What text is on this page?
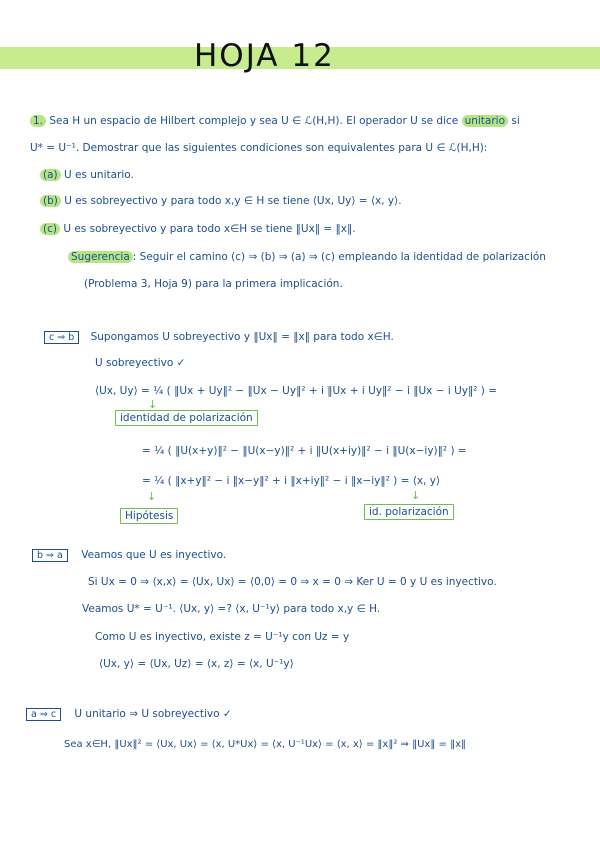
HOJA 12
1. Sea H un espacio de Hilbert complejo y sea U ∈ ℒ(H,H). El operador U se dice unitario si
U* = U⁻¹. Demostrar que las siguientes condiciones son equivalentes para U ∈ ℒ(H,H):
(a) U es unitario.
(b) U es sobreyectivo y para todo x,y ∈ H se tiene ⟨Ux, Uy⟩ = ⟨x, y⟩.
(c) U es sobreyectivo y para todo x∈H se tiene ‖Ux‖ = ‖x‖.
Sugerencia : Seguir el camino (c) ⇒ (b) ⇒ (a) ⇒ (c) empleando la identidad de polarización
(Problema 3, Hoja 9) para la primera implicación.
c ⇒ b Supongamos U sobreyectivo y ‖Ux‖ = ‖x‖ para todo x∈H.
U sobreyectivo ✓
⟨Ux, Uy⟩ = ¼ ( ‖Ux + Uy‖² − ‖Ux − Uy‖² + i ‖Ux + i Uy‖² − i ‖Ux − i Uy‖² ) =
↓
identidad de polarización
= ¼ ( ‖U(x+y)‖² − ‖U(x−y)‖² + i ‖U(x+iy)‖² − i ‖U(x−iy)‖² ) =
= ¼ ( ‖x+y‖² − i ‖x−y‖² + i ‖x+iy‖² − i ‖x−iy‖² ) = ⟨x, y⟩
↓	↓
Hipótesis	id. polarización
b ⇒ a Veamos que U es inyectivo.
Si Ux = 0 ⇒ ⟨x,x⟩ = ⟨Ux, Ux⟩ = ⟨0,0⟩ = 0 ⇒ x = 0 ⇒ Ker U = 0 y U es inyectivo.
Veamos U* = U⁻¹. ⟨Ux, y⟩ =? ⟨x, U⁻¹y⟩ para todo x,y ∈ H.
Como U es inyectivo, existe z = U⁻¹y con Uz = y
⟨Ux, y⟩ = ⟨Ux, Uz⟩ = ⟨x, z⟩ = ⟨x, U⁻¹y⟩
a ⇒ c U unitario ⇒ U sobreyectivo ✓
Sea x∈H, ‖Ux‖² = ⟨Ux, Ux⟩ = ⟨x, U*Ux⟩ = ⟨x, U⁻¹Ux⟩ = ⟨x, x⟩ = ‖x‖² ⇒ ‖Ux‖ = ‖x‖
